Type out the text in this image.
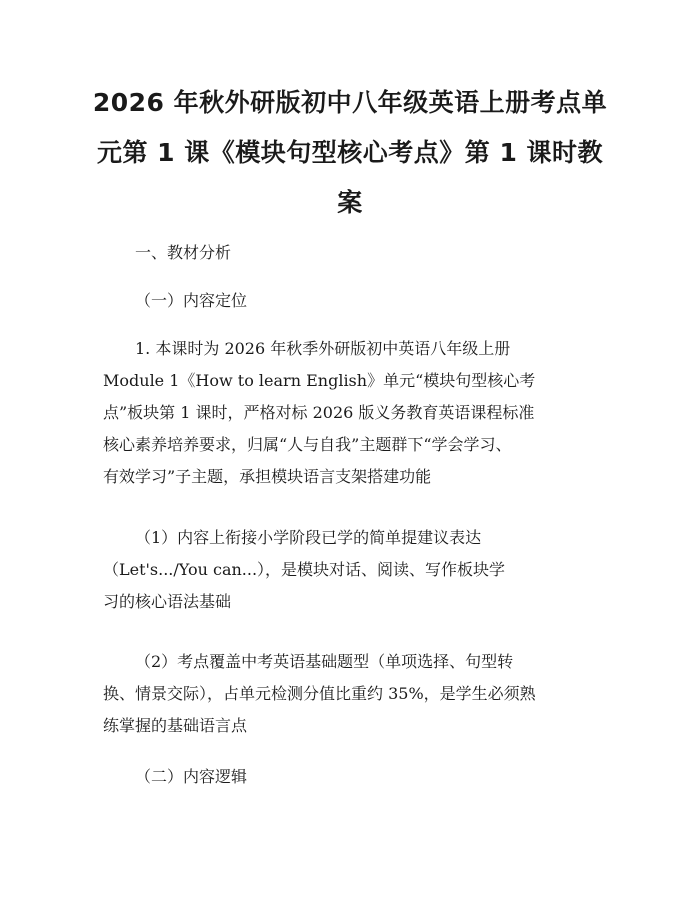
2026 年秋外研版初中八年级英语上册考点单
元第 1 课《模块句型核心考点》第 1 课时教
案

一、教材分析

（一）内容定位

1. 本课时为 2026 年秋季外研版初中英语八年级上册
Module 1《How to learn English》单元“模块句型核心考
点”板块第 1 课时，严格对标 2026 版义务教育英语课程标准
核心素养培养要求，归属“人与自我”主题群下“学会学习、
有效学习”子主题，承担模块语言支架搭建功能

（1）内容上衔接小学阶段已学的简单提建议表达
（Let's.../You can...），是模块对话、阅读、写作板块学
习的核心语法基础

（2）考点覆盖中考英语基础题型（单项选择、句型转
换、情景交际），占单元检测分值比重约 35%，是学生必须熟
练掌握的基础语言点

（二）内容逻辑
